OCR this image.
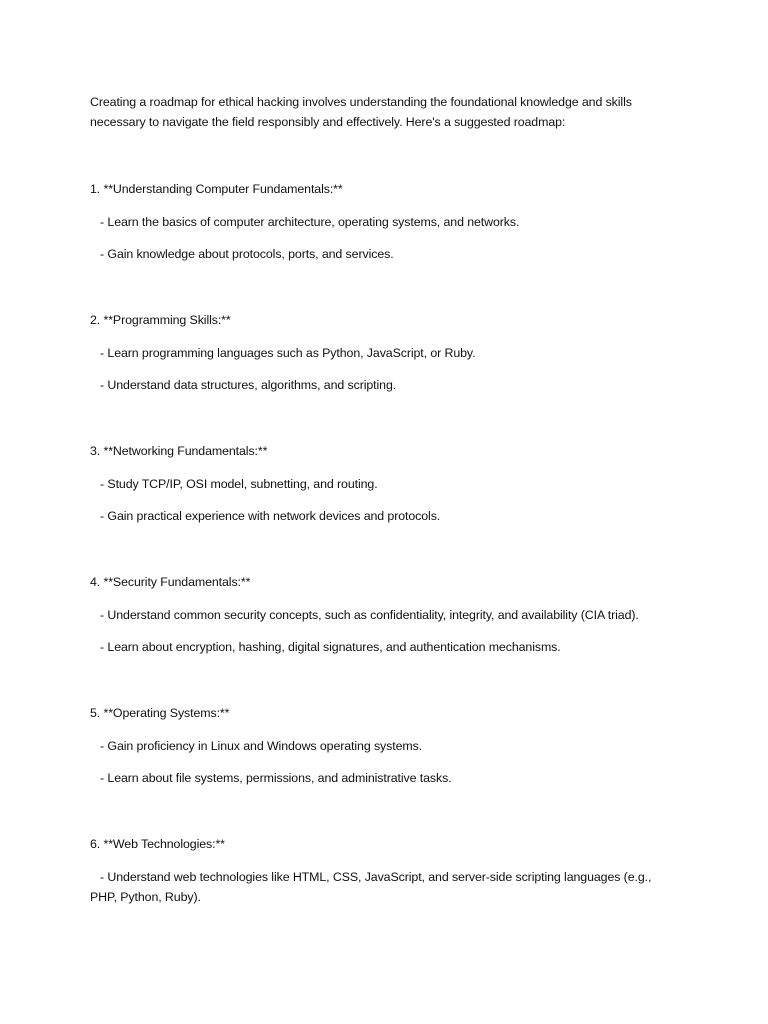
Creating a roadmap for ethical hacking involves understanding the foundational knowledge and skills necessary to navigate the field responsibly and effectively. Here's a suggested roadmap:

1. **Understanding Computer Fundamentals:**

- Learn the basics of computer architecture, operating systems, and networks.

- Gain knowledge about protocols, ports, and services.

2. **Programming Skills:**

- Learn programming languages such as Python, JavaScript, or Ruby.

- Understand data structures, algorithms, and scripting.

3. **Networking Fundamentals:**

- Study TCP/IP, OSI model, subnetting, and routing.

- Gain practical experience with network devices and protocols.

4. **Security Fundamentals:**

- Understand common security concepts, such as confidentiality, integrity, and availability (CIA triad).

- Learn about encryption, hashing, digital signatures, and authentication mechanisms.

5. **Operating Systems:**

- Gain proficiency in Linux and Windows operating systems.

- Learn about file systems, permissions, and administrative tasks.

6. **Web Technologies:**

- Understand web technologies like HTML, CSS, JavaScript, and server-side scripting languages (e.g., PHP, Python, Ruby).
